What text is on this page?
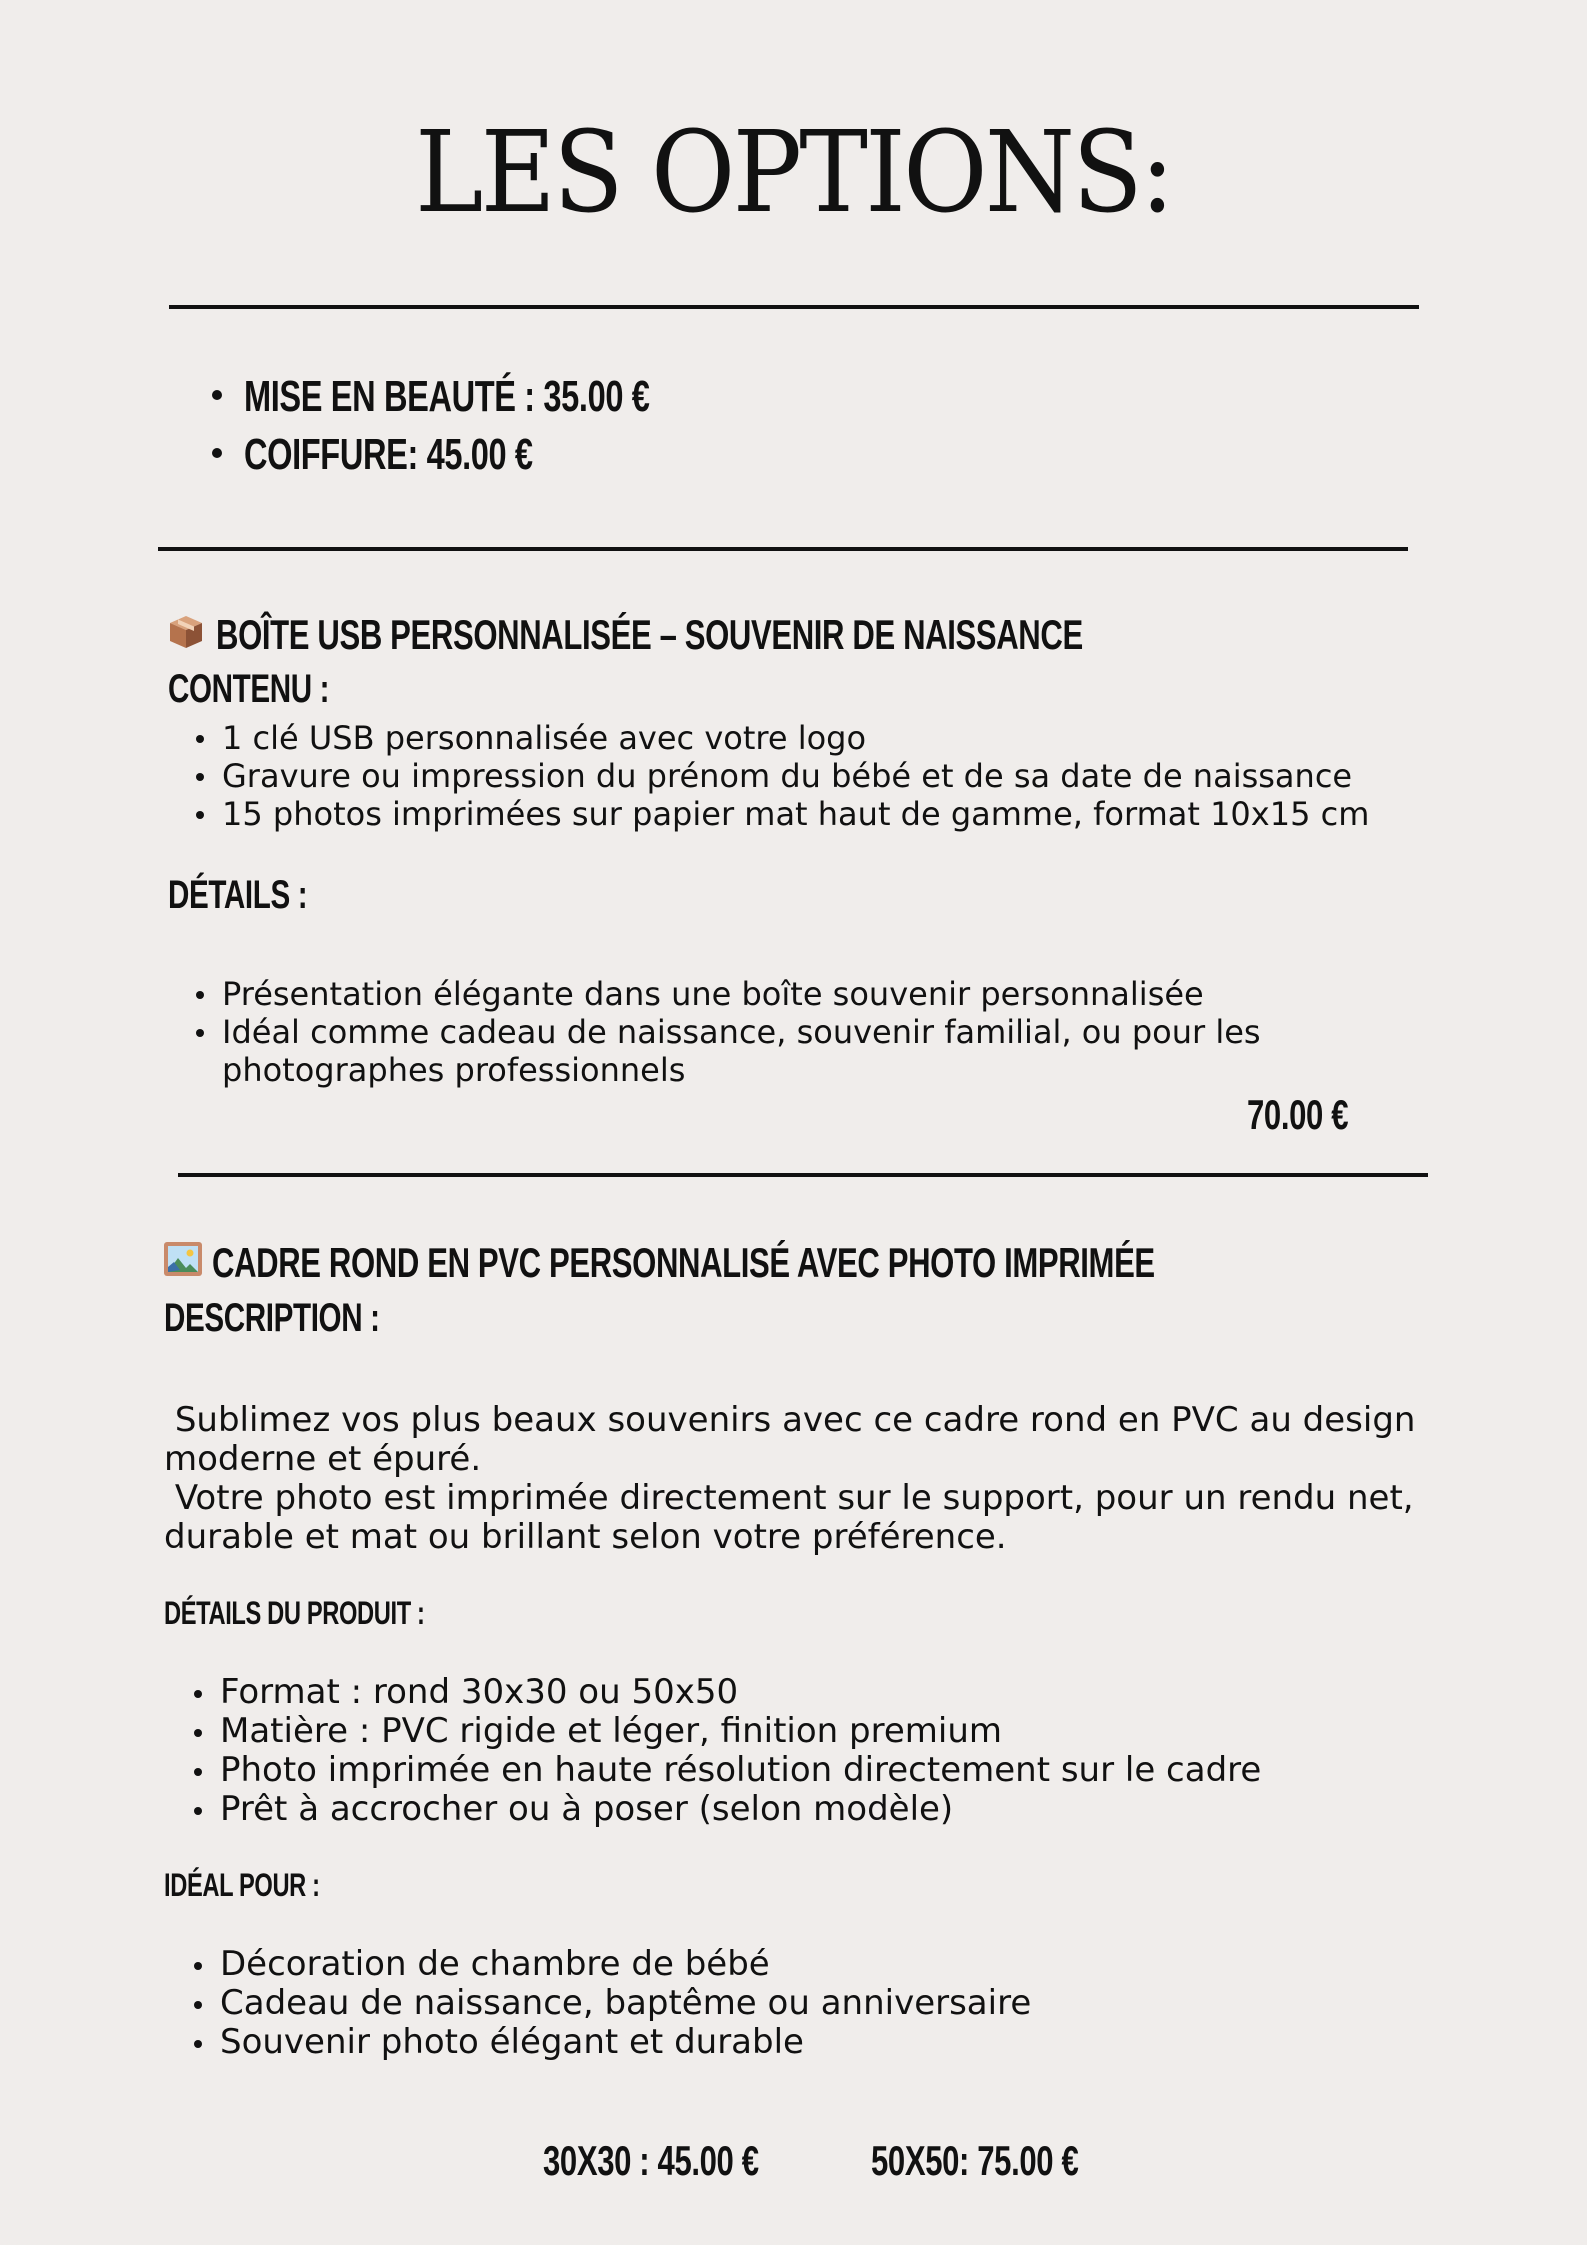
LES OPTIONS:
MISE EN BEAUTÉ : 35.00 €
COIFFURE: 45.00 €
BOÎTE USB PERSONNALISÉE – SOUVENIR DE NAISSANCE
CONTENU :
1 clé USB personnalisée avec votre logo
Gravure ou impression du prénom du bébé et de sa date de naissance
15 photos imprimées sur papier mat haut de gamme, format 10x15 cm
DÉTAILS :
Présentation élégante dans une boîte souvenir personnalisée
Idéal comme cadeau de naissance, souvenir familial, ou pour les photographes professionnels
70.00 €
CADRE ROND EN PVC PERSONNALISÉ AVEC PHOTO IMPRIMÉE
DESCRIPTION :
Sublimez vos plus beaux souvenirs avec ce cadre rond en PVC au design moderne et épuré.
Votre photo est imprimée directement sur le support, pour un rendu net, durable et mat ou brillant selon votre préférence.
DÉTAILS DU PRODUIT :
Format : rond 30x30 ou 50x50
Matière : PVC rigide et léger, finition premium
Photo imprimée en haute résolution directement sur le cadre
Prêt à accrocher ou à poser (selon modèle)
IDÉAL POUR :
Décoration de chambre de bébé
Cadeau de naissance, baptême ou anniversaire
Souvenir photo élégant et durable
30X30 : 45.00 €	50X50: 75.00 €
